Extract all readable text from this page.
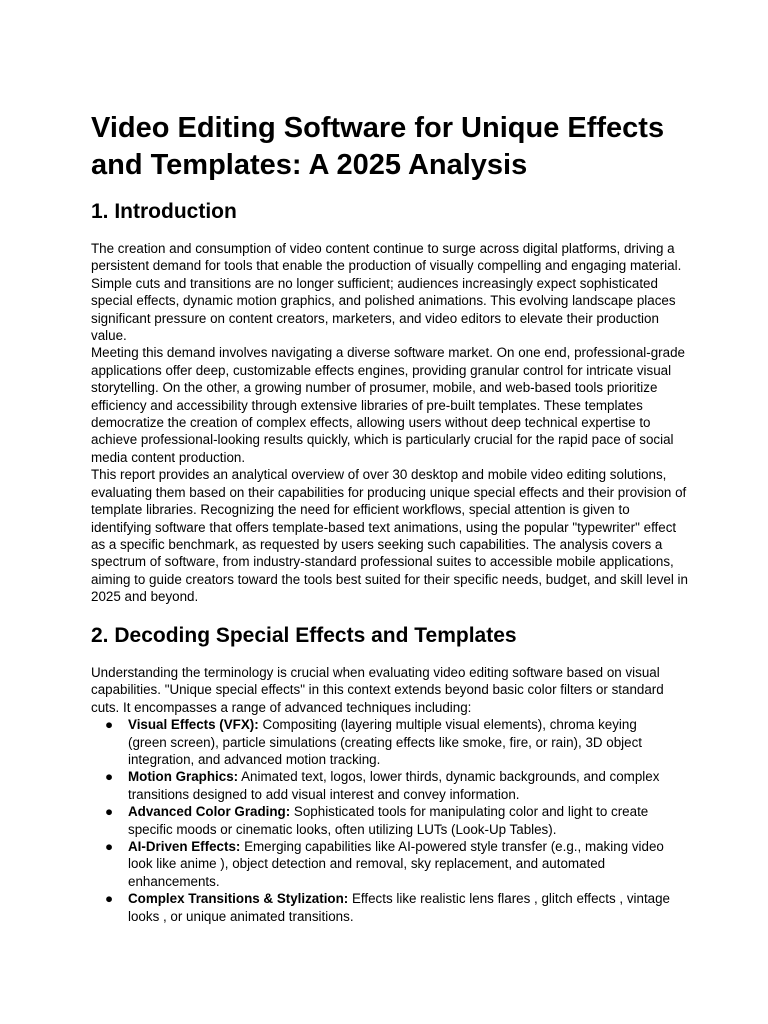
Video Editing Software for Unique Effects and Templates: A 2025 Analysis
1. Introduction

The creation and consumption of video content continue to surge across digital platforms, driving a persistent demand for tools that enable the production of visually compelling and engaging material. Simple cuts and transitions are no longer sufficient; audiences increasingly expect sophisticated special effects, dynamic motion graphics, and polished animations. This evolving landscape places significant pressure on content creators, marketers, and video editors to elevate their production value.

Meeting this demand involves navigating a diverse software market. On one end, professional-grade applications offer deep, customizable effects engines, providing granular control for intricate visual storytelling. On the other, a growing number of prosumer, mobile, and web-based tools prioritize efficiency and accessibility through extensive libraries of pre-built templates. These templates democratize the creation of complex effects, allowing users without deep technical expertise to achieve professional-looking results quickly, which is particularly crucial for the rapid pace of social media content production.

This report provides an analytical overview of over 30 desktop and mobile video editing solutions, evaluating them based on their capabilities for producing unique special effects and their provision of template libraries. Recognizing the need for efficient workflows, special attention is given to identifying software that offers template-based text animations, using the popular "typewriter" effect as a specific benchmark, as requested by users seeking such capabilities. The analysis covers a spectrum of software, from industry-standard professional suites to accessible mobile applications, aiming to guide creators toward the tools best suited for their specific needs, budget, and skill level in 2025 and beyond.

2. Decoding Special Effects and Templates

Understanding the terminology is crucial when evaluating video editing software based on visual capabilities. "Unique special effects" in this context extends beyond basic color filters or standard cuts. It encompasses a range of advanced techniques including:

● Visual Effects (VFX): Compositing (layering multiple visual elements), chroma keying (green screen), particle simulations (creating effects like smoke, fire, or rain), 3D object integration, and advanced motion tracking.
● Motion Graphics: Animated text, logos, lower thirds, dynamic backgrounds, and complex transitions designed to add visual interest and convey information.
● Advanced Color Grading: Sophisticated tools for manipulating color and light to create specific moods or cinematic looks, often utilizing LUTs (Look-Up Tables).
● AI-Driven Effects: Emerging capabilities like AI-powered style transfer (e.g., making video look like anime ), object detection and removal, sky replacement, and automated enhancements.
● Complex Transitions & Stylization: Effects like realistic lens flares , glitch effects , vintage looks , or unique animated transitions.
